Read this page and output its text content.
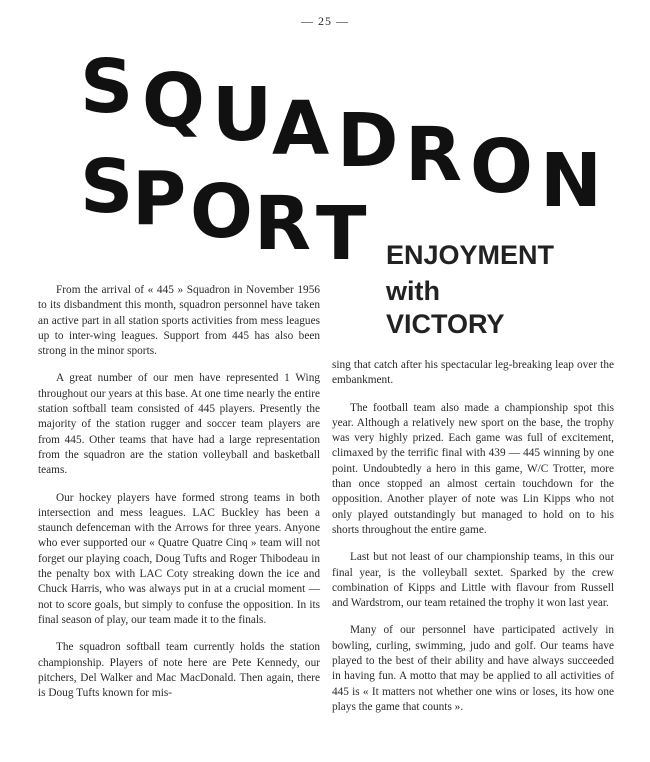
— 25 —
S Q U A D R O N
S
P O R T ENJOYMENT
with
VICTORY

From the arrival of « 445 » Squadron in November 1956 to its disbandment this month, squadron personnel have taken an active part in all station sports activities from mess leagues up to inter-wing leagues. Support from 445 has also been strong in the minor sports.

A great number of our men have represented 1 Wing throughout our years at this base. At one time nearly the entire station softball team consisted of 445 players. Presently the majority of the station rugger and soccer team players are from 445. Other teams that have had a large representation from the squadron are the station volleyball and basketball teams.

Our hockey players have formed strong teams in both intersection and mess leagues. LAC Buckley has been a staunch defenceman with the Arrows for three years. Anyone who ever supported our « Quatre Quatre Cinq » team will not forget our playing coach, Doug Tufts and Roger Thibodeau in the penalty box with LAC Coty streaking down the ice and Chuck Harris, who was always put in at a crucial moment — not to score goals, but simply to confuse the opposition. In its final season of play, our team made it to the finals.

The squadron softball team currently holds the station championship. Players of note here are Pete Kennedy, our pitchers, Del Walker and Mac MacDonald. Then again, there is Doug Tufts known for mis-

sing that catch after his spectacular leg-breaking leap over the embankment.

The football team also made a championship spot this year. Although a relatively new sport on the base, the trophy was very highly prized. Each game was full of excitement, climaxed by the terrific final with 439 — 445 winning by one point. Undoubtedly a hero in this game, W/C Trotter, more than once stopped an almost certain touchdown for the opposition. Another player of note was Lin Kipps who not only played outstandingly but managed to hold on to his shorts throughout the entire game.

Last but not least of our championship teams, in this our final year, is the volleyball sextet. Sparked by the crew combination of Kipps and Little with flavour from Russell and Wardstrom, our team retained the trophy it won last year.

Many of our personnel have participated actively in bowling, curling, swimming, judo and golf. Our teams have played to the best of their ability and have always succeeded in having fun. A motto that may be applied to all activities of 445 is « It matters not whether one wins or loses, its how one plays the game that counts ».
